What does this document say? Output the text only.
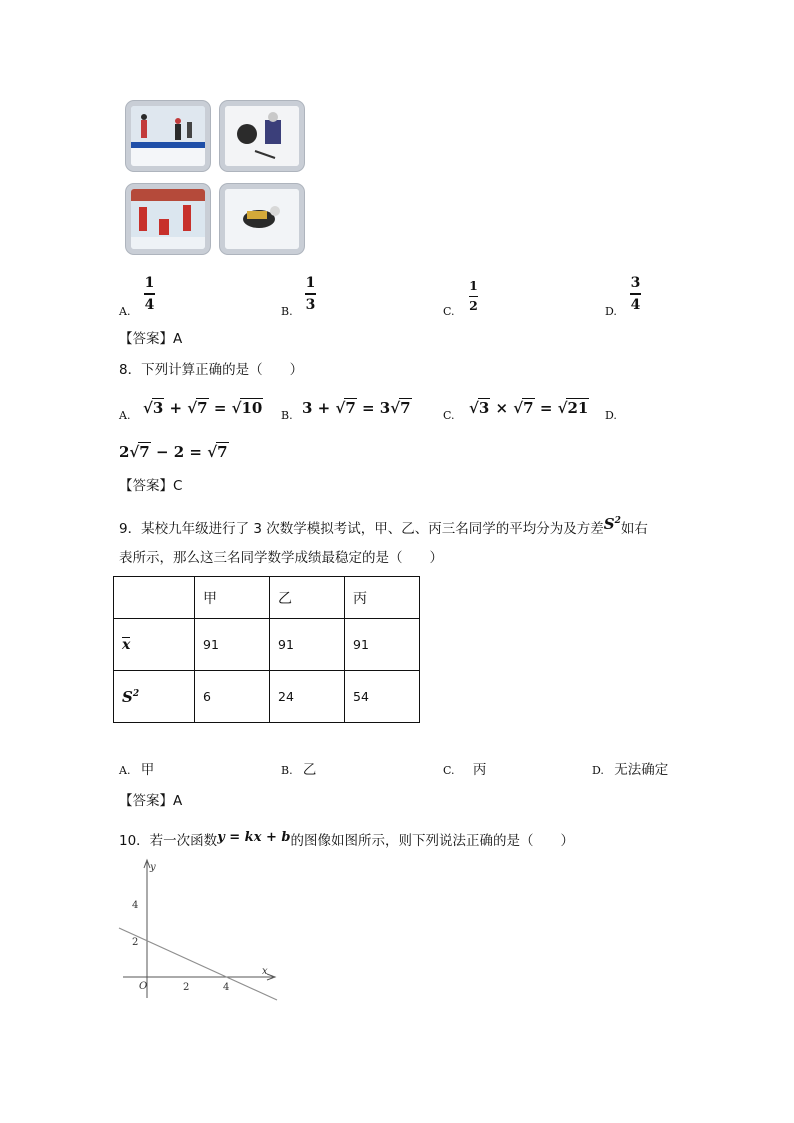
A.
1
4	B.
1
3	C.
1
2	D.
3
4
【答案】A
8．下列计算正确的是（　　）
A. √3 + √7 = √10 B. 3 + √7 = 3√7	C. √3 × √7 = √21 D.
2√7 − 2 = √7
【答案】C
9．某校九年级进行了 3 次数学模拟考试，甲、乙、丙三名同学的平均分为及方差$S^2$如右
表所示，那么这三名同学数学成绩最稳定的是（　　）
	甲	乙	丙
x	91	91	91
$S^2$	6	24	54
A. 甲	B. 乙	C. 丙	D. 无法确定
【答案】A
10．若一次函数y = kx + b的图像如图所示，则下列说法正确的是（　　）
y
x
O
4
2
2	4
